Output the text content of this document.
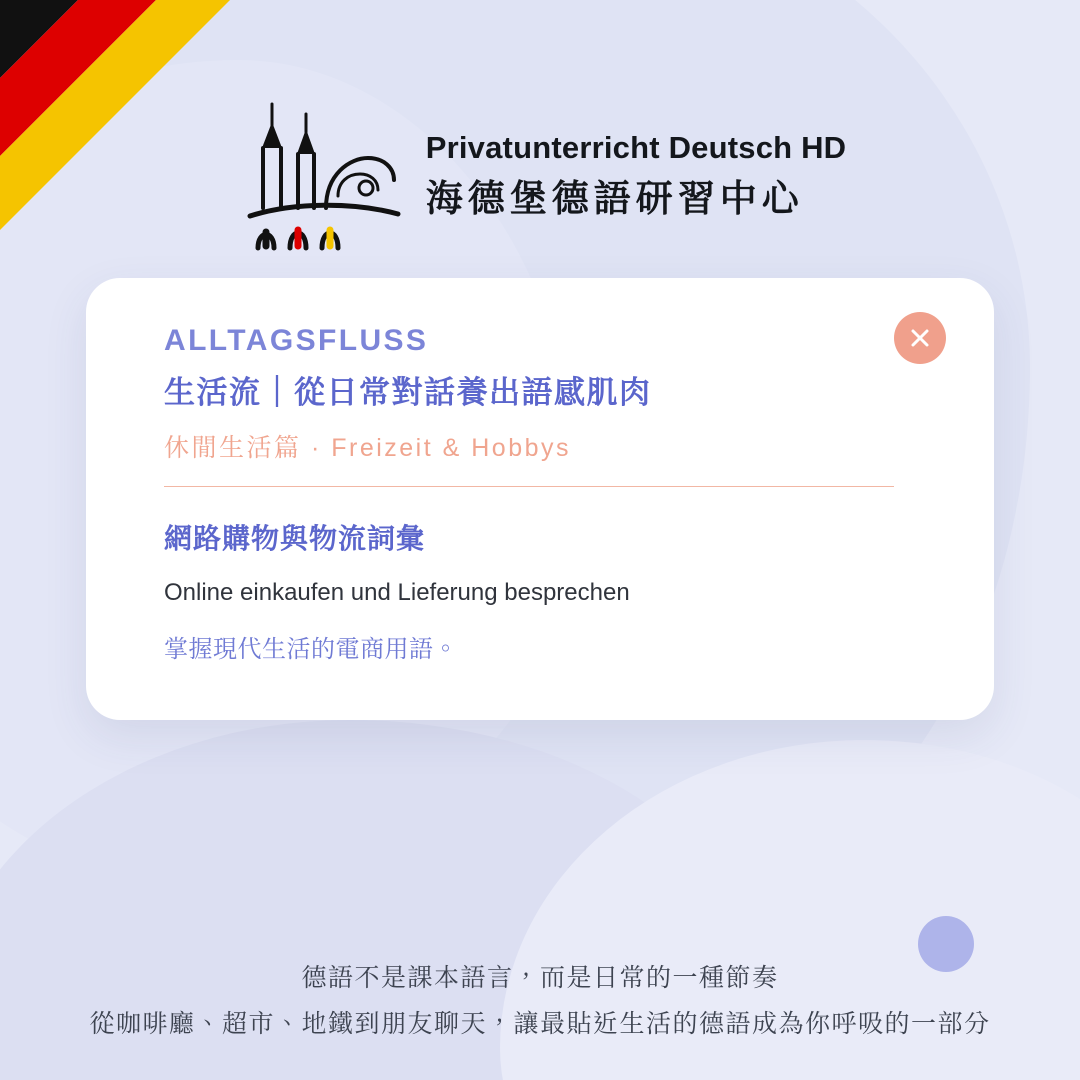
Privatunterricht Deutsch HD
海德堡德語研習中心
ALLTAGSFLUSS
生活流｜從日常對話養出語感肌肉
休閒生活篇 · Freizeit & Hobbys
網路購物與物流詞彙
Online einkaufen und Lieferung besprechen
掌握現代生活的電商用語。
德語不是課本語言，而是日常的一種節奏
從咖啡廳、超市、地鐵到朋友聊天，讓最貼近生活的德語成為你呼吸的一部分
